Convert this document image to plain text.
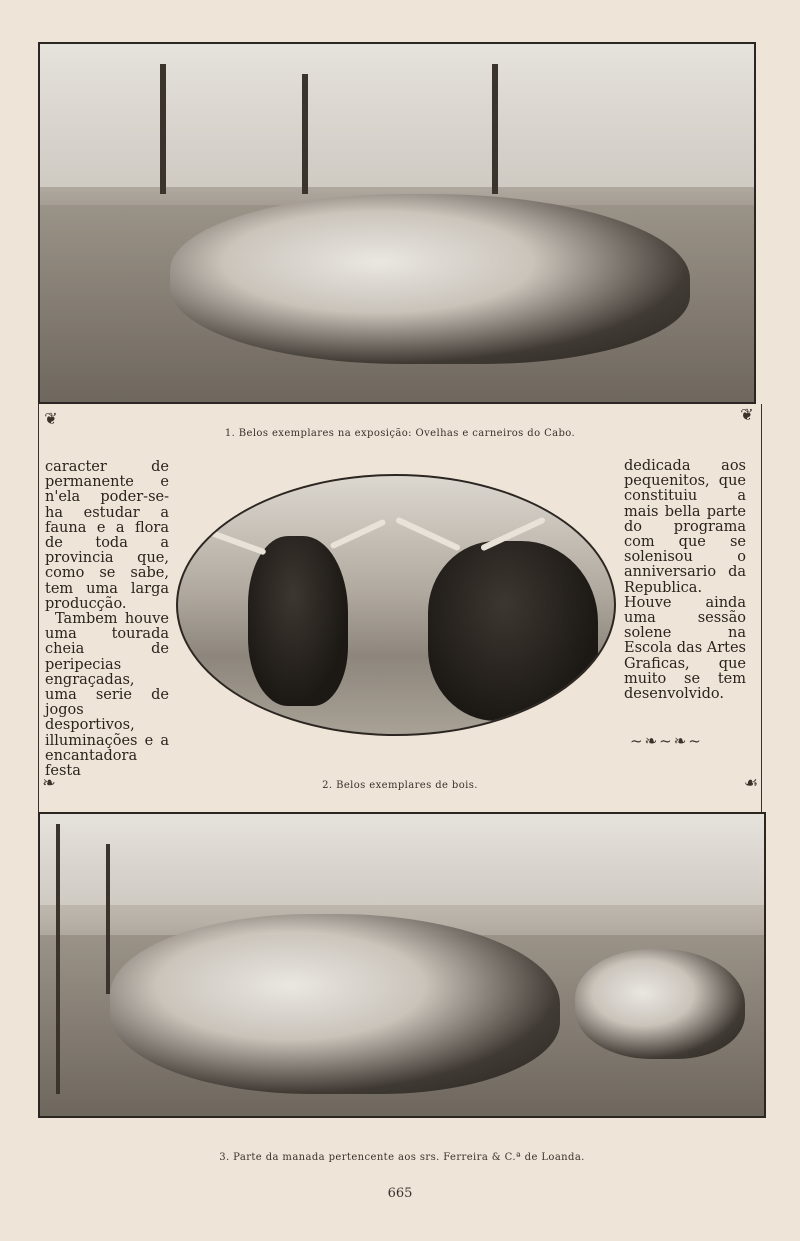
1. Belos exemplares na exposição: Ovelhas e carneiros do Cabo.
❦	❦
❧	☙

caracter de permanente e n'ela poder-se-ha estudar a fauna e a flora de toda a provincia que, como se sabe, tem uma larga producção.

Tambem houve uma tourada cheia de peripecias engraçadas, uma serie de jogos desportivos, illuminações e a encantadora festa

dedicada aos pequenitos, que constituiu a mais bella parte do programa com que se solenisou o anniversario da Republica. Houve ainda uma sessão solene na Escola das Artes Graficas, que muito se tem desenvolvido.

~❧~❧~
2. Belos exemplares de bois.
3. Parte da manada pertencente aos srs. Ferreira & C.ª de Loanda.
665
